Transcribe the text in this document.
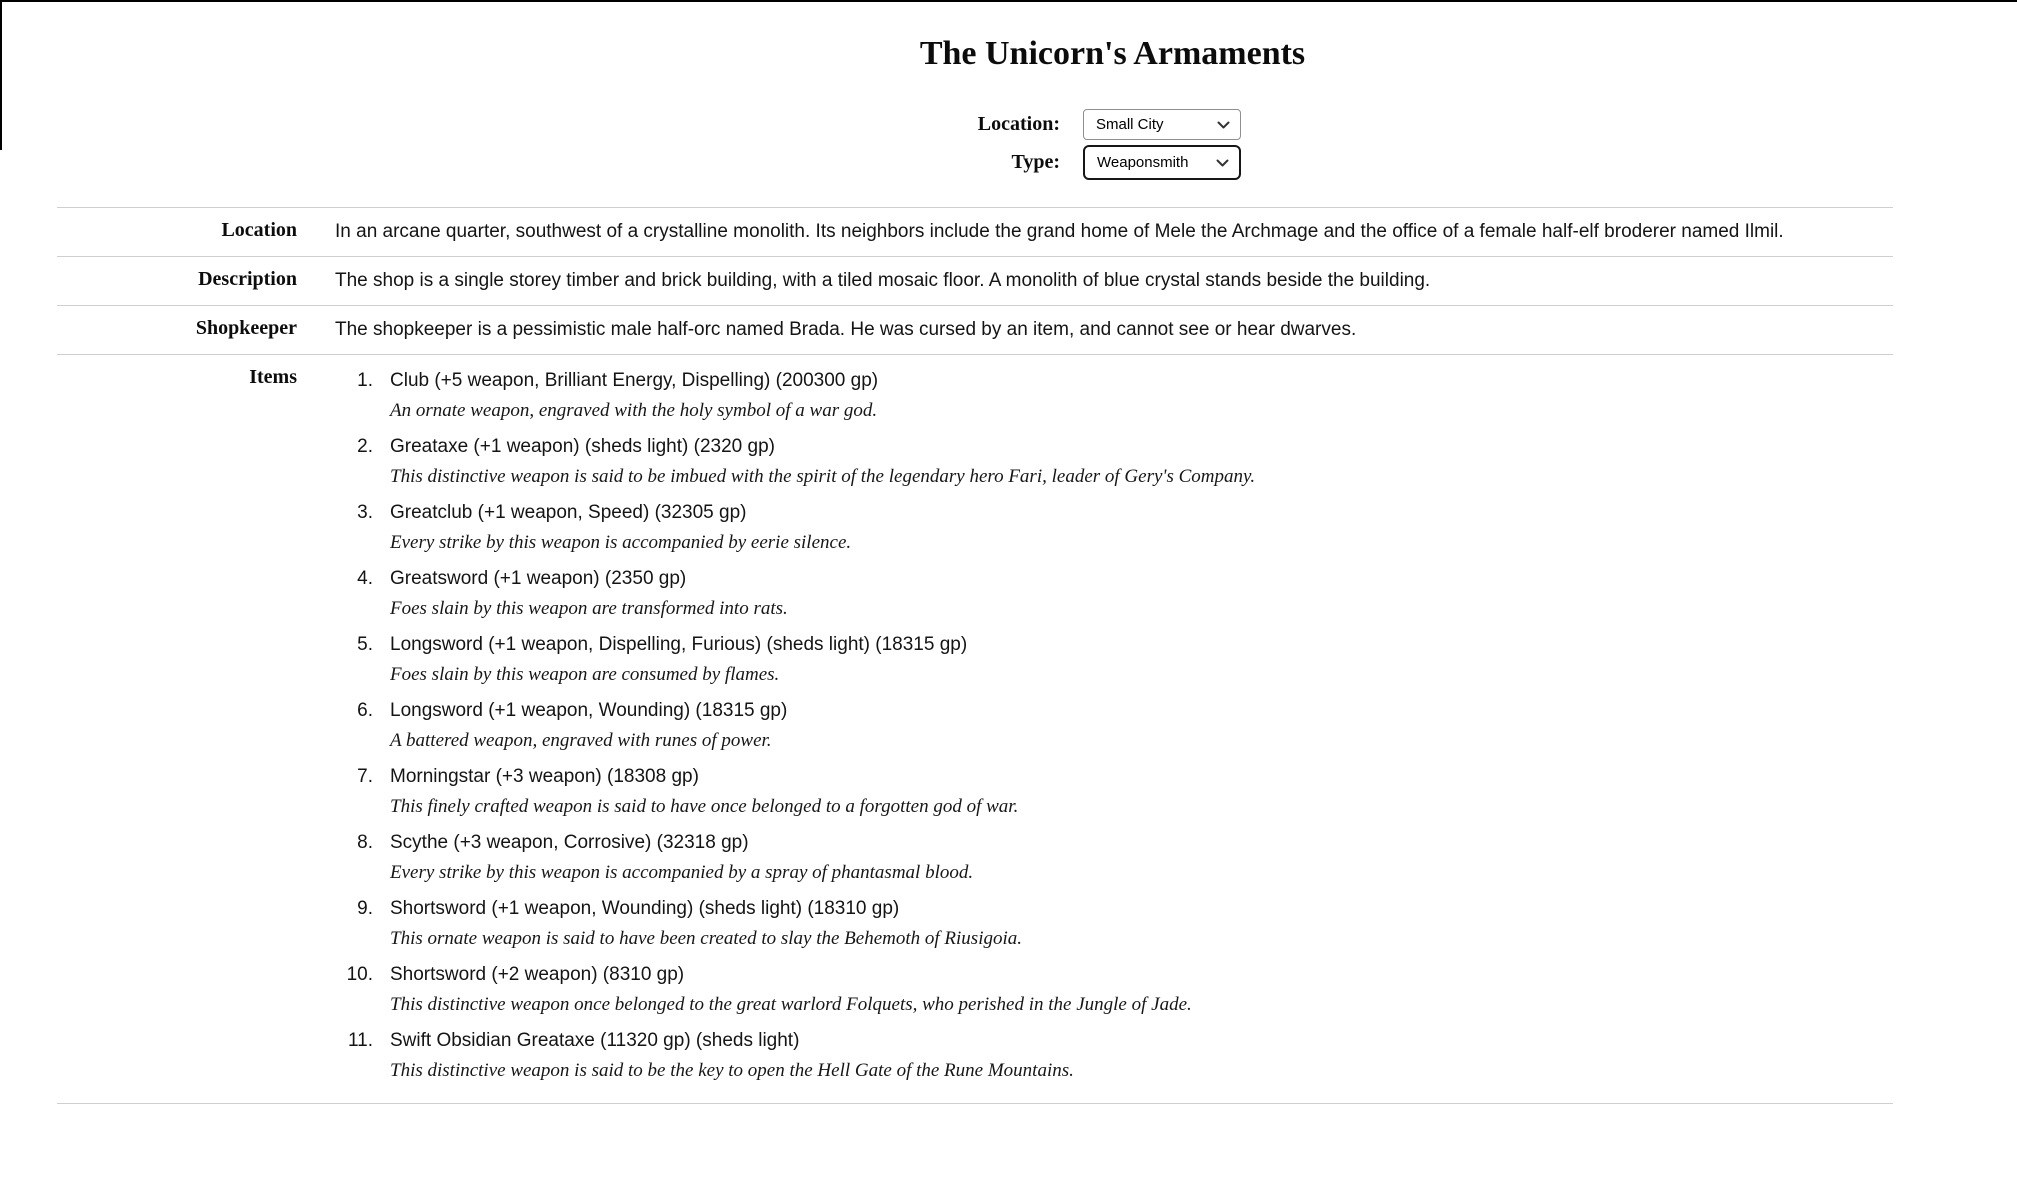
The Unicorn's Armaments
Location: Small City
Type: Weaponsmith
Location	In an arcane quarter, southwest of a crystalline monolith. Its neighbors include the grand home of Mele the Archmage and the office of a female half-elf broderer named Ilmil.

Description	The shop is a single storey timber and brick building, with a tiled mosaic floor. A monolith of blue crystal stands beside the building.

Shopkeeper	The shopkeeper is a pessimistic male half-orc named Brada. He was cursed by an item, and cannot see or hear dwarves.

Items	1. Club (+5 weapon, Brilliant Energy, Dispelling) (200300 gp)
An ornate weapon, engraved with the holy symbol of a war god.
2. Greataxe (+1 weapon) (sheds light) (2320 gp)
This distinctive weapon is said to be imbued with the spirit of the legendary hero Fari, leader of Gery's Company.
3. Greatclub (+1 weapon, Speed) (32305 gp)
Every strike by this weapon is accompanied by eerie silence.
4. Greatsword (+1 weapon) (2350 gp)
Foes slain by this weapon are transformed into rats.
5. Longsword (+1 weapon, Dispelling, Furious) (sheds light) (18315 gp)
Foes slain by this weapon are consumed by flames.
6. Longsword (+1 weapon, Wounding) (18315 gp)
A battered weapon, engraved with runes of power.
7. Morningstar (+3 weapon) (18308 gp)
This finely crafted weapon is said to have once belonged to a forgotten god of war.
8. Scythe (+3 weapon, Corrosive) (32318 gp)
Every strike by this weapon is accompanied by a spray of phantasmal blood.
9. Shortsword (+1 weapon, Wounding) (sheds light) (18310 gp)
This ornate weapon is said to have been created to slay the Behemoth of Riusigoia.
10. Shortsword (+2 weapon) (8310 gp)
This distinctive weapon once belonged to the great warlord Folquets, who perished in the Jungle of Jade.
11. Swift Obsidian Greataxe (11320 gp) (sheds light)
This distinctive weapon is said to be the key to open the Hell Gate of the Rune Mountains.
